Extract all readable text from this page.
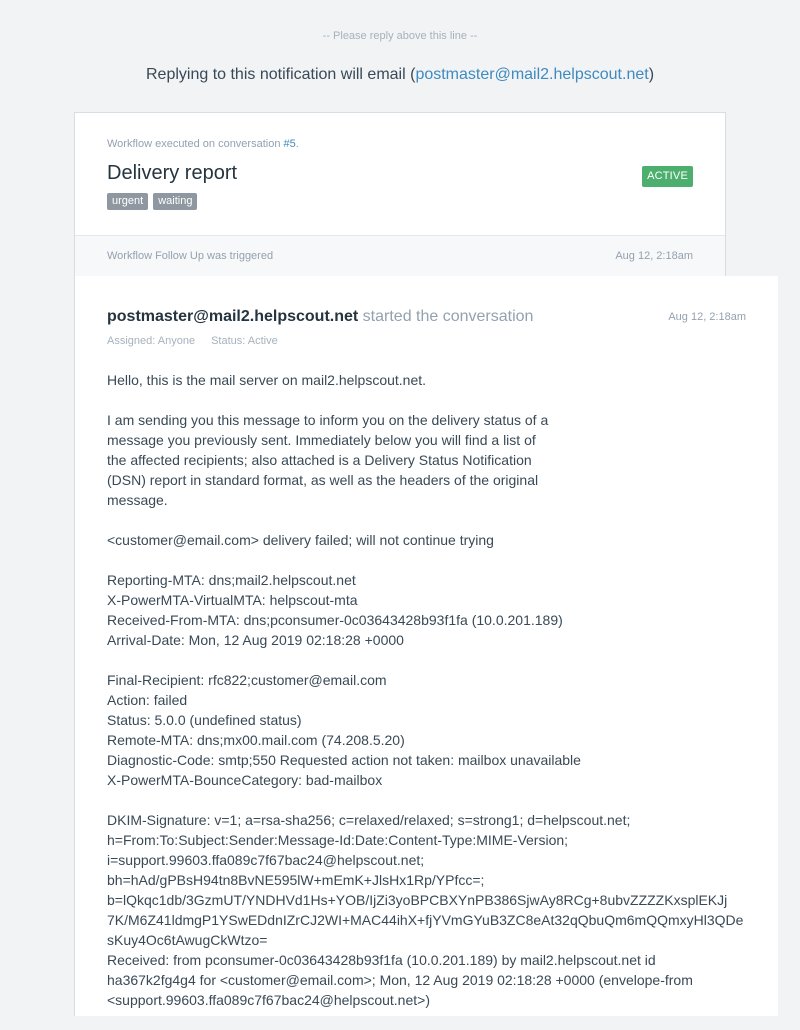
-- Please reply above this line --
Replying to this notification will email (postmaster@mail2.helpscout.net)
Workflow executed on conversation #5.
Delivery report
urgent	waiting
ACTIVE
Workflow Follow Up was triggered	Aug 12, 2:18am
postmaster@mail2.helpscout.net started the conversation	Aug 12, 2:18am
Assigned: Anyone Status: Active
Hello, this is the mail server on mail2.helpscout.net.
I am sending you this message to inform you on the delivery status of a message you previously sent. Immediately below you will find a list of the affected recipients; also attached is a Delivery Status Notification (DSN) report in standard format, as well as the headers of the original message.
<customer@email.com> delivery failed; will not continue trying
Reporting-MTA: dns;mail2.helpscout.net
X-PowerMTA-VirtualMTA: helpscout-mta
Received-From-MTA: dns;pconsumer-0c03643428b93f1fa (10.0.201.189)
Arrival-Date: Mon, 12 Aug 2019 02:18:28 +0000
Final-Recipient: rfc822;customer@email.com
Action: failed
Status: 5.0.0 (undefined status)
Remote-MTA: dns;mx00.mail.com (74.208.5.20)
Diagnostic-Code: smtp;550 Requested action not taken: mailbox unavailable
X-PowerMTA-BounceCategory: bad-mailbox
DKIM-Signature: v=1; a=rsa-sha256; c=relaxed/relaxed; s=strong1; d=helpscout.net;
h=From:To:Subject:Sender:Message-Id:Date:Content-Type:MIME-Version;
i=support.99603.ffa089c7f67bac24@helpscout.net;
bh=hAd/gPBsH94tn8BvNE595lW+mEmK+JlsHx1Rp/YPfcc=;
b=lQkqc1db/3GzmUT/YNDHVd1Hs+YOB/IjZi3yoBPCBXYnPB386SjwAy8RCg+8ubvZZZZKxsplEKJj
7K/M6Z41ldmgP1YSwEDdnIZrCJ2WI+MAC44ihX+fjYVmGYuB3ZC8eAt32qQbuQm6mQQmxyHl3QDe
sKuy4Oc6tAwugCkWtzo=
Received: from pconsumer-0c03643428b93f1fa (10.0.201.189) by mail2.helpscout.net id
ha367k2fg4g4 for <customer@email.com>; Mon, 12 Aug 2019 02:18:28 +0000 (envelope-from
<support.99603.ffa089c7f67bac24@helpscout.net>)
